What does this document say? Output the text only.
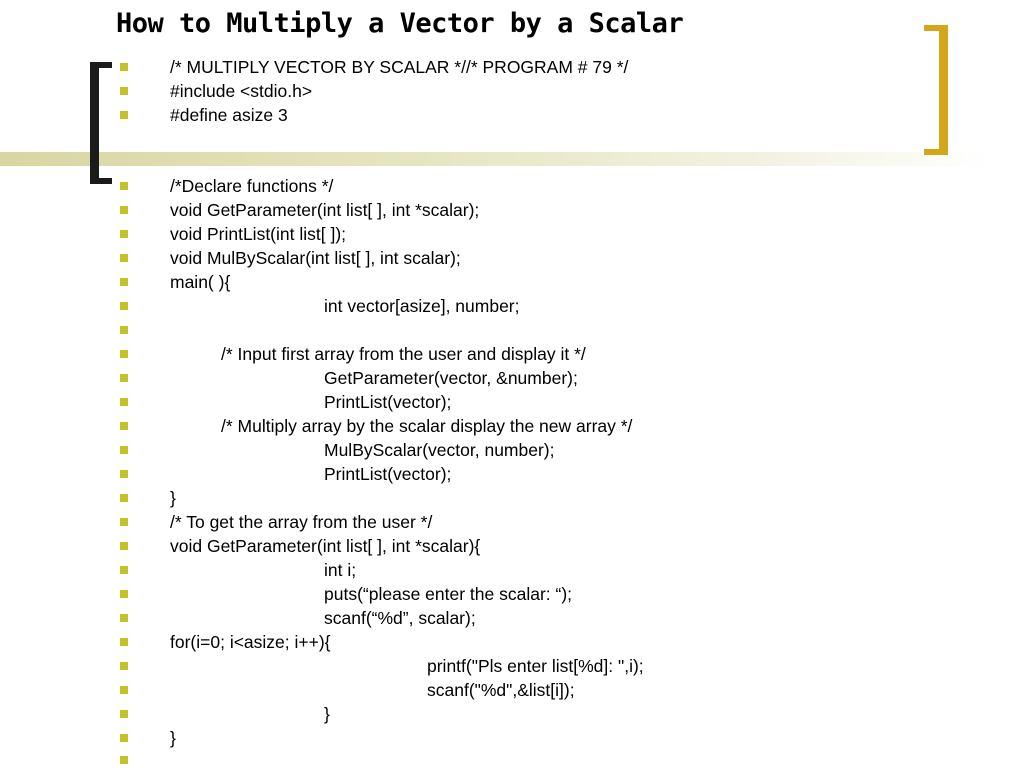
How to Multiply a Vector by a Scalar
/* MULTIPLY VECTOR BY SCALAR *//* PROGRAM # 79 */
#include <stdio.h>
#define asize 3
/*Declare functions */
void GetParameter(int list[ ], int *scalar);
void PrintList(int list[ ]);
void MulByScalar(int list[ ], int scalar);
main( ){
int vector[asize], number;
/* Input first array from the user and display it */
GetParameter(vector, &number);
PrintList(vector);
/* Multiply array by the scalar display the new array */
MulByScalar(vector, number);
PrintList(vector);
}
/* To get the array from the user */
void GetParameter(int list[ ], int *scalar){
int i;
puts(“please enter the scalar: “);
scanf(“%d”, scalar);
for(i=0; i<asize; i++){
printf("Pls enter list[%d]: ",i);
scanf("%d",&list[i]);
}
}
